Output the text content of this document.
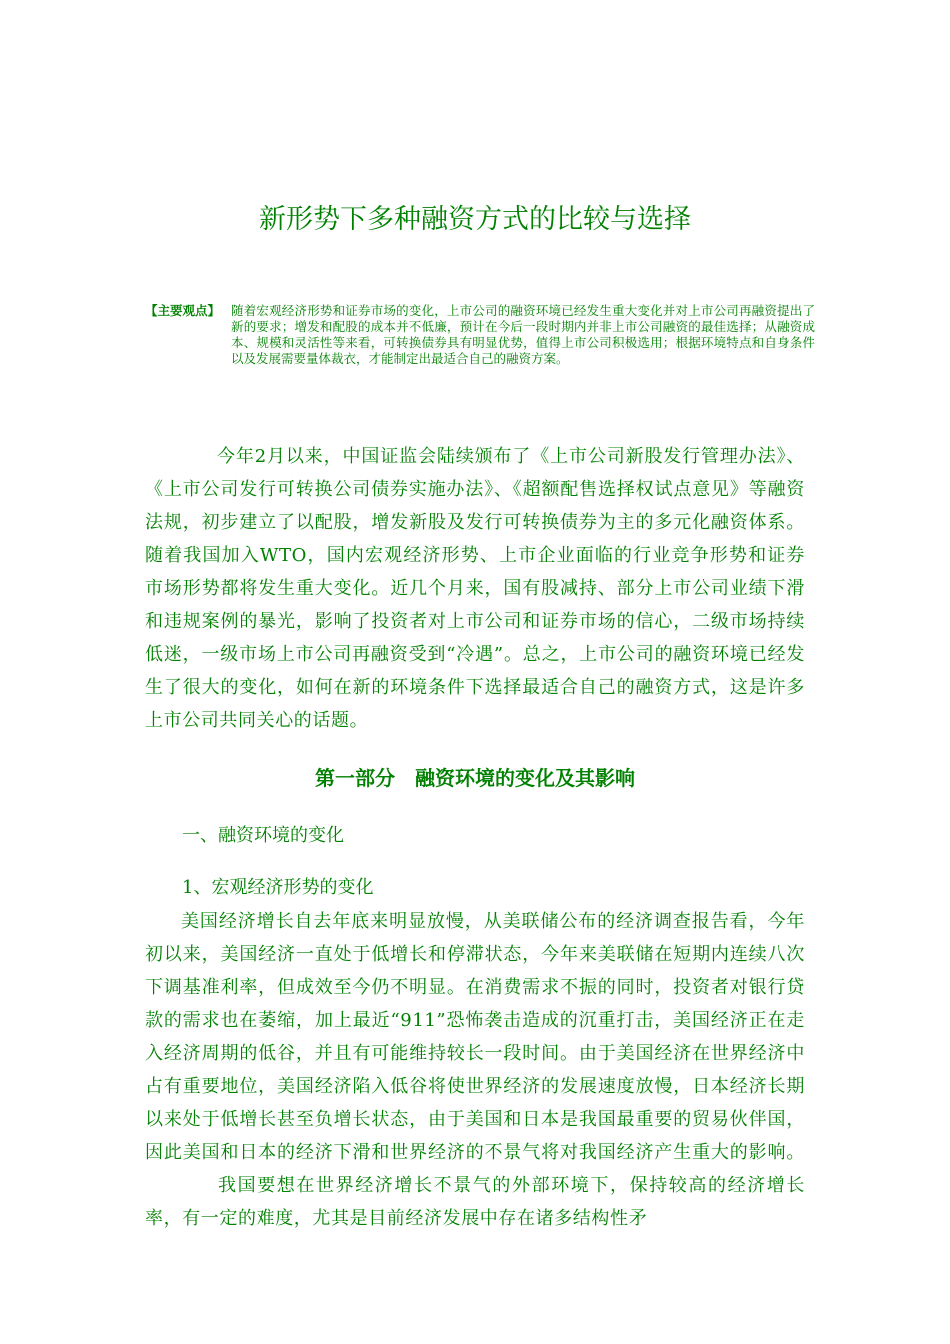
新形势下多种融资方式的比较与选择
【主要观点】 随着宏观经济形势和证券市场的变化，上市公司的融资环境已经发生重大变化并对上市公司再融资提出了新的要求；增发和配股的成本并不低廉，预计在今后一段时期内并非上市公司融资的最佳选择；从融资成本、规模和灵活性等来看，可转换债券具有明显优势，值得上市公司积极选用；根据环境特点和自身条件以及发展需要量体裁衣，才能制定出最适合自己的融资方案。

今年2月以来，中国证监会陆续颁布了《上市公司新股发行管理办法》、《上市公司发行可转换公司债券实施办法》、《超额配售选择权试点意见》等融资法规，初步建立了以配股，增发新股及发行可转换债券为主的多元化融资体系。随着我国加入WTO，国内宏观经济形势、上市企业面临的行业竞争形势和证券市场形势都将发生重大变化。近几个月来，国有股减持、部分上市公司业绩下滑和违规案例的暴光，影响了投资者对上市公司和证券市场的信心，二级市场持续低迷，一级市场上市公司再融资受到“冷遇”。总之，上市公司的融资环境已经发生了很大的变化，如何在新的环境条件下选择最适合自己的融资方式，这是许多上市公司共同关心的话题。

第一部分　融资环境的变化及其影响

一、融资环境的变化

1、宏观经济形势的变化

美国经济增长自去年底来明显放慢，从美联储公布的经济调查报告看，今年初以来，美国经济一直处于低增长和停滞状态，今年来美联储在短期内连续八次下调基准利率，但成效至今仍不明显。在消费需求不振的同时，投资者对银行贷款的需求也在萎缩，加上最近“911”恐怖袭击造成的沉重打击，美国经济正在走入经济周期的低谷，并且有可能维持较长一段时间。由于美国经济在世界经济中占有重要地位，美国经济陷入低谷将使世界经济的发展速度放慢，日本经济长期以来处于低增长甚至负增长状态，由于美国和日本是我国最重要的贸易伙伴国，因此美国和日本的经济下滑和世界经济的不景气将对我国经济产生重大的影响。我国要想在世界经济增长不景气的外部环境下，保持较高的经济增长率，有一定的难度，尤其是目前经济发展中存在诸多结构性矛
